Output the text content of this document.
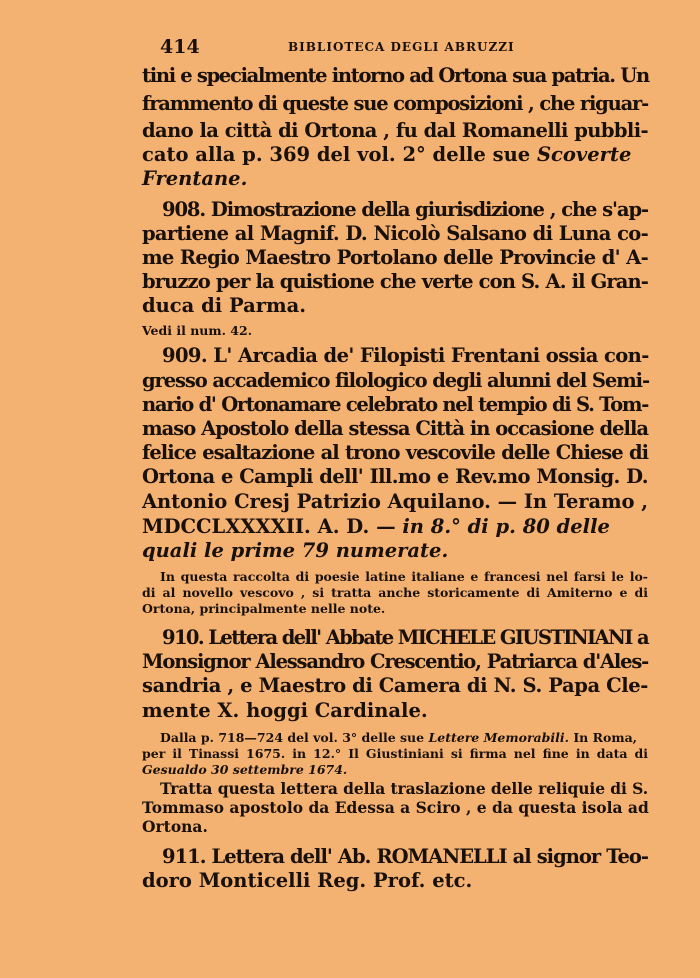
414	BIBLIOTECA DEGLI ABRUZZI
tini e specialmente intorno ad Ortona sua patria. Un
frammento di queste sue composizioni , che riguar-
dano la città di Ortona , fu dal Romanelli pubbli-
cato alla p. 369 del vol. 2° delle sue Scoverte
Frentane.
908. Dimostrazione della giurisdizione , che s'ap-
partiene al Magnif. D. Nicolò Salsano di Luna co-
me Regio Maestro Portolano delle Provincie d' A-
bruzzo per la quistione che verte con S. A. il Gran-
duca di Parma.
Vedi il num. 42.
909. L' Arcadia de' Filopisti Frentani ossia con-
gresso accademico filologico degli alunni del Semi-
nario d' Ortonamare celebrato nel tempio di S. Tom-
maso Apostolo della stessa Città in occasione della
felice esaltazione al trono vescovile delle Chiese di
Ortona e Campli dell' Ill.mo e Rev.mo Monsig. D.
Antonio Cresj Patrizio Aquilano. — In Teramo ,
MDCCLXXXXII. A. D. — in 8.° di p. 80 delle
quali le prime 79 numerate.
In questa raccolta di poesie latine italiane e francesi nel farsi le lo-
di al novello vescovo , si tratta anche storicamente di Amiterno e di
Ortona, principalmente nelle note.
910. Lettera dell' Abbate MICHELE GIUSTINIANI a
Monsignor Alessandro Crescentio, Patriarca d'Ales-
sandria , e Maestro di Camera di N. S. Papa Cle-
mente X. hoggi Cardinale.
Dalla p. 718—724 del vol. 3° delle sue Lettere Memorabili. In Roma,
per il Tinassi 1675. in 12.° Il Giustiniani si firma nel fine in data di
Gesualdo 30 settembre 1674.
Tratta questa lettera della traslazione delle reliquie di S.
Tommaso apostolo da Edessa a Sciro , e da questa isola ad
Ortona.
911. Lettera dell' Ab. ROMANELLI al signor Teo-
doro Monticelli Reg. Prof. etc.
